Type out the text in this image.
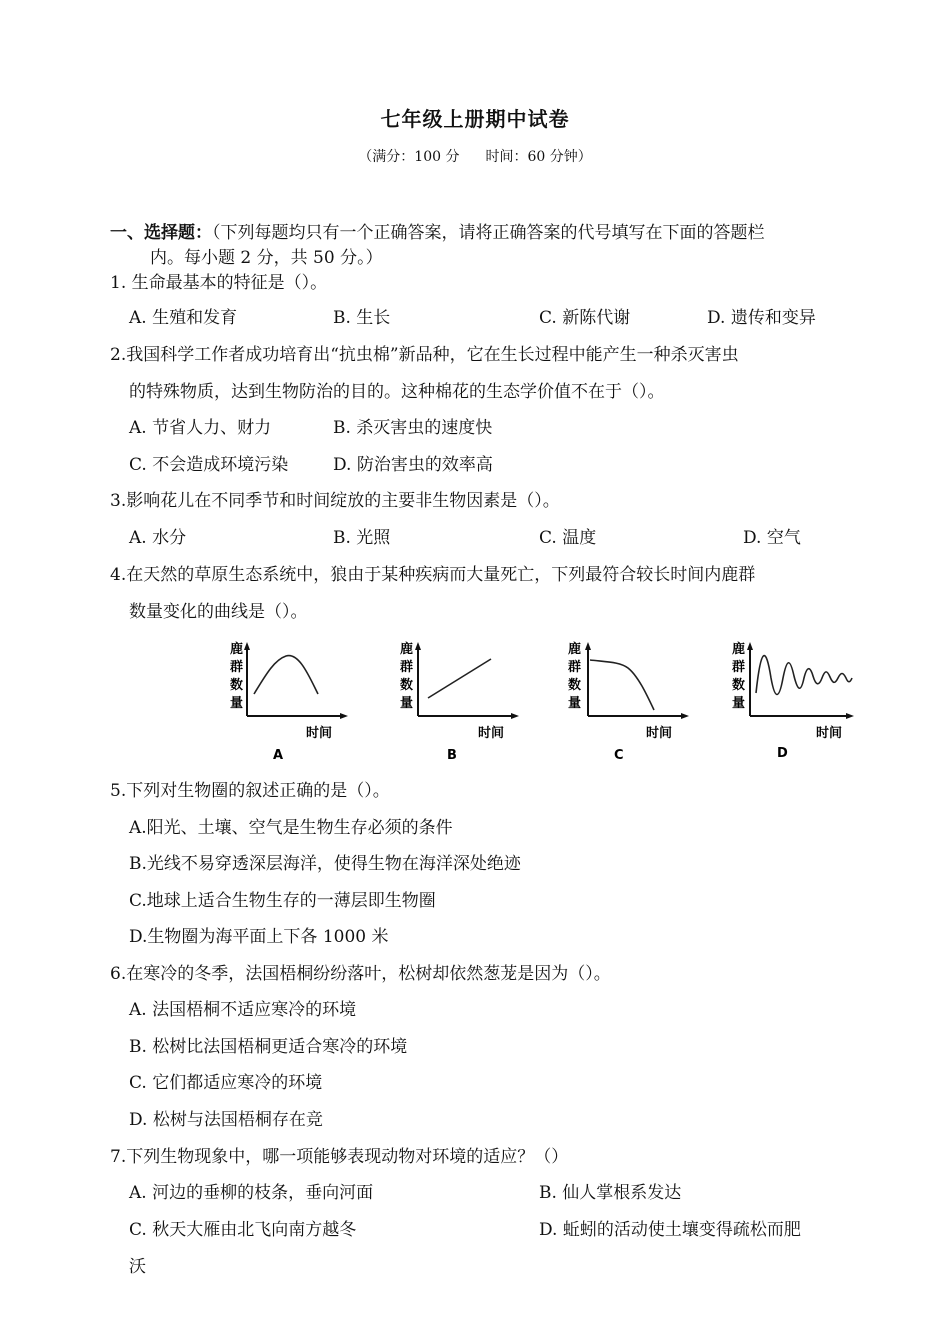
七年级上册期中试卷
（满分：100 分 时间：60 分钟）
一、选择题：（下列每题均只有一个正确答案，请将正确答案的代号填写在下面的答题栏
内。每小题 2 分，共 50 分。）
1. 生命最基本的特征是（）。
A. 生殖和发育	B. 生长	C. 新陈代谢	D. 遗传和变异
2.我国科学工作者成功培育出“抗虫棉”新品种，它在生长过程中能产生一种杀灭害虫
的特殊物质，达到生物防治的目的。这种棉花的生态学价值不在于（）。
A. 节省人力、财力	B. 杀灭害虫的速度快
C. 不会造成环境污染	D. 防治害虫的效率高
3.影响花儿在不同季节和时间绽放的主要非生物因素是（）。
A. 水分	B. 光照	C. 温度	D. 空气
4.在天然的草原生态系统中，狼由于某种疾病而大量死亡，下列最符合较长时间内鹿群
数量变化的曲线是（）。
鹿
群
数
量
时间
A
鹿
群
数
量
时间
B
鹿
群
数
量
时间
C
鹿
群
数
量
时间
D
5.下列对生物圈的叙述正确的是（）。
A.阳光、土壤、空气是生物生存必须的条件
B.光线不易穿透深层海洋，使得生物在海洋深处绝迹
C.地球上适合生物生存的一薄层即生物圈
D.生物圈为海平面上下各 1000 米
6.在寒冷的冬季，法国梧桐纷纷落叶，松树却依然葱茏是因为（）。
A. 法国梧桐不适应寒冷的环境
B. 松树比法国梧桐更适合寒冷的环境
C. 它们都适应寒冷的环境
D. 松树与法国梧桐存在竞
7.下列生物现象中，哪一项能够表现动物对环境的适应？（）
A. 河边的垂柳的枝条，垂向河面	B. 仙人掌根系发达
C. 秋天大雁由北飞向南方越冬	D. 蚯蚓的活动使土壤变得疏松而肥
沃
